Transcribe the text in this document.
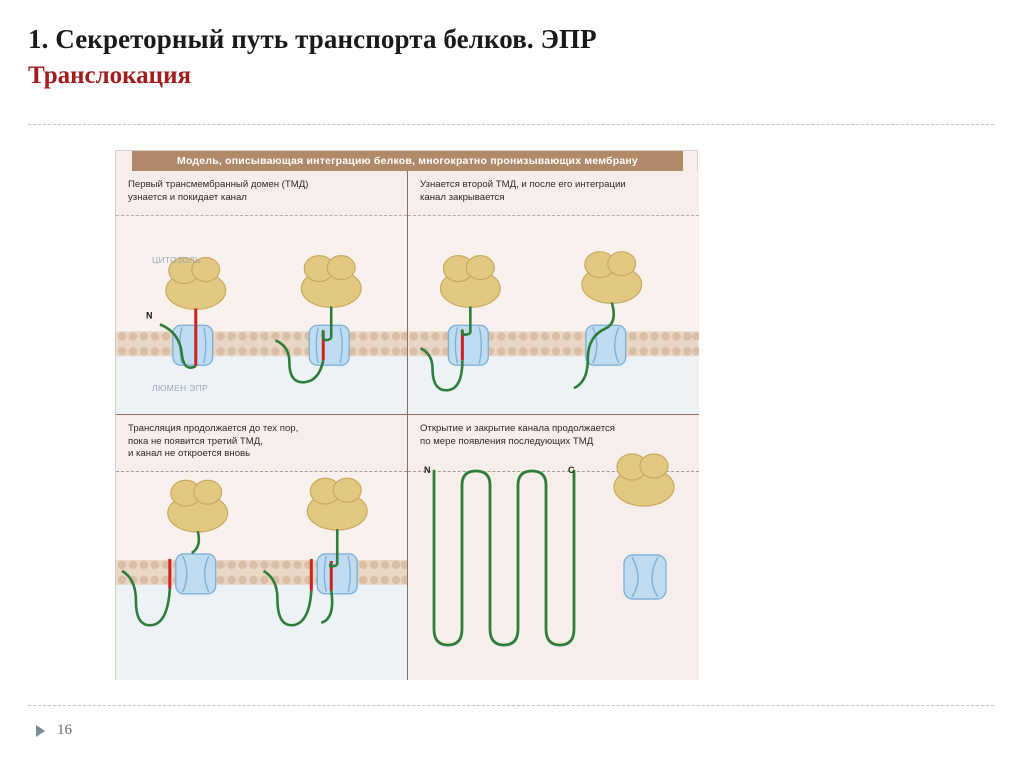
1. Секреторный путь транспорта белков. ЭПР
Транслокация
16
Модель, описывающая интеграцию белков, многократно пронизывающих мембрану
Первый трансмембранный домен (ТМД)
узнается и покидает канал
N
ЦИТОЗОЛЬ
ЛЮМЕН ЭПР
Узнается второй ТМД, и после его интеграции
канал закрывается
Трансляция продолжается до тех пор,
пока не появится третий ТМД,
и канал не откроется вновь
Открытие и закрытие канала продолжается
по мере появления последующих ТМД
N	C
